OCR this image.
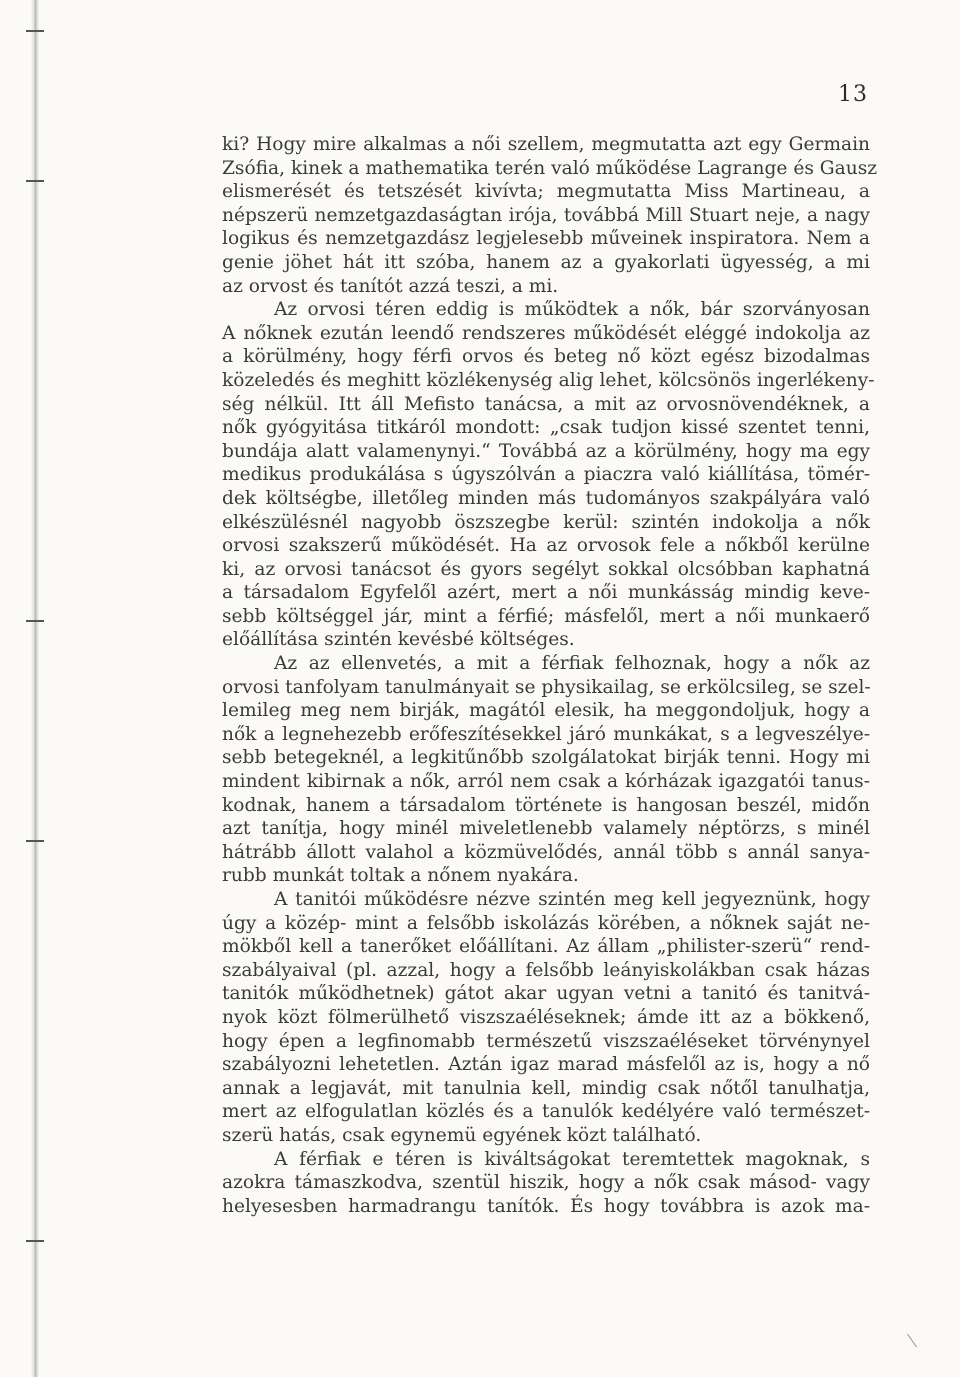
13
ki? Hogy mire alkalmas a női szellem, megmutatta azt egy Germain
Zsófia, kinek a mathematika terén való működése Lagrange és Gausz
elismerését és tetszését kivívta; megmutatta Miss Martineau, a
népszerü nemzetgazdaságtan irója, továbbá Mill Stuart neje, a nagy
logikus és nemzetgazdász legjelesebb műveinek inspiratora. Nem a
genie jöhet hát itt szóba, hanem az a gyakorlati ügyesség, a mi
az orvost és tanítót azzá teszi, a mi.
Az orvosi téren eddig is működtek a nők, bár szorványosan
A nőknek ezután leendő rendszeres működését eléggé indokolja az
a körülmény, hogy férfi orvos és beteg nő közt egész bizodalmas
közeledés és meghitt közlékenység alig lehet, kölcsönös ingerlékeny-
ség nélkül. Itt áll Mefisto tanácsa, a mit az orvosnövendéknek, a
nők gyógyitása titkáról mondott: „csak tudjon kissé szentet tenni,
bundája alatt valamenynyi.“ Továbbá az a körülmény, hogy ma egy
medikus produkálása s úgyszólván a piaczra való kiállítása, tömér-
dek költségbe, illetőleg minden más tudományos szakpályára való
elkészülésnél nagyobb öszszegbe kerül: szintén indokolja a nők
orvosi szakszerű működését. Ha az orvosok fele a nőkből kerülne
ki, az orvosi tanácsot és gyors segélyt sokkal olcsóbban kaphatná
a társadalom Egyfelől azért, mert a női munkásság mindig keve-
sebb költséggel jár, mint a férfié; másfelől, mert a női munkaerő
előállítása szintén kevésbé költséges.
Az az ellenvetés, a mit a férfiak felhoznak, hogy a nők az
orvosi tanfolyam tanulmányait se physikailag, se erkölcsileg, se szel-
lemileg meg nem birják, magától elesik, ha meggondoljuk, hogy a
nők a legnehezebb erőfeszítésekkel járó munkákat, s a legveszélye-
sebb betegeknél, a legkitűnőbb szolgálatokat birják tenni. Hogy mi
mindent kibirnak a nők, arról nem csak a kórházak igazgatói tanus-
kodnak, hanem a társadalom története is hangosan beszél, midőn
azt tanítja, hogy minél miveletlenebb valamely néptörzs, s minél
hátrább állott valahol a közmüvelődés, annál több s annál sanya-
rubb munkát toltak a nőnem nyakára.
A tanitói működésre nézve szintén meg kell jegyeznünk, hogy
úgy a közép- mint a felsőbb iskolázás körében, a nőknek saját ne-
mökből kell a tanerőket előállítani. Az állam „philister-szerü“ rend-
szabályaival (pl. azzal, hogy a felsőbb leányiskolákban csak házas
tanitók működhetnek) gátot akar ugyan vetni a tanitó és tanitvá-
nyok közt fölmerülhető viszszaéléseknek; ámde itt az a bökkenő,
hogy épen a legfinomabb természetű viszszaéléseket törvénynyel
szabályozni lehetetlen. Aztán igaz marad másfelől az is, hogy a nő
annak a legjavát, mit tanulnia kell, mindig csak nőtől tanulhatja,
mert az elfogulatlan közlés és a tanulók kedélyére való természet-
szerü hatás, csak egynemü egyének közt található.
A férfiak e téren is kiváltságokat teremtettek magoknak, s
azokra támaszkodva, szentül hiszik, hogy a nők csak másod- vagy
helyesesben harmadrangu tanítók. És hogy továbbra is azok ma-
